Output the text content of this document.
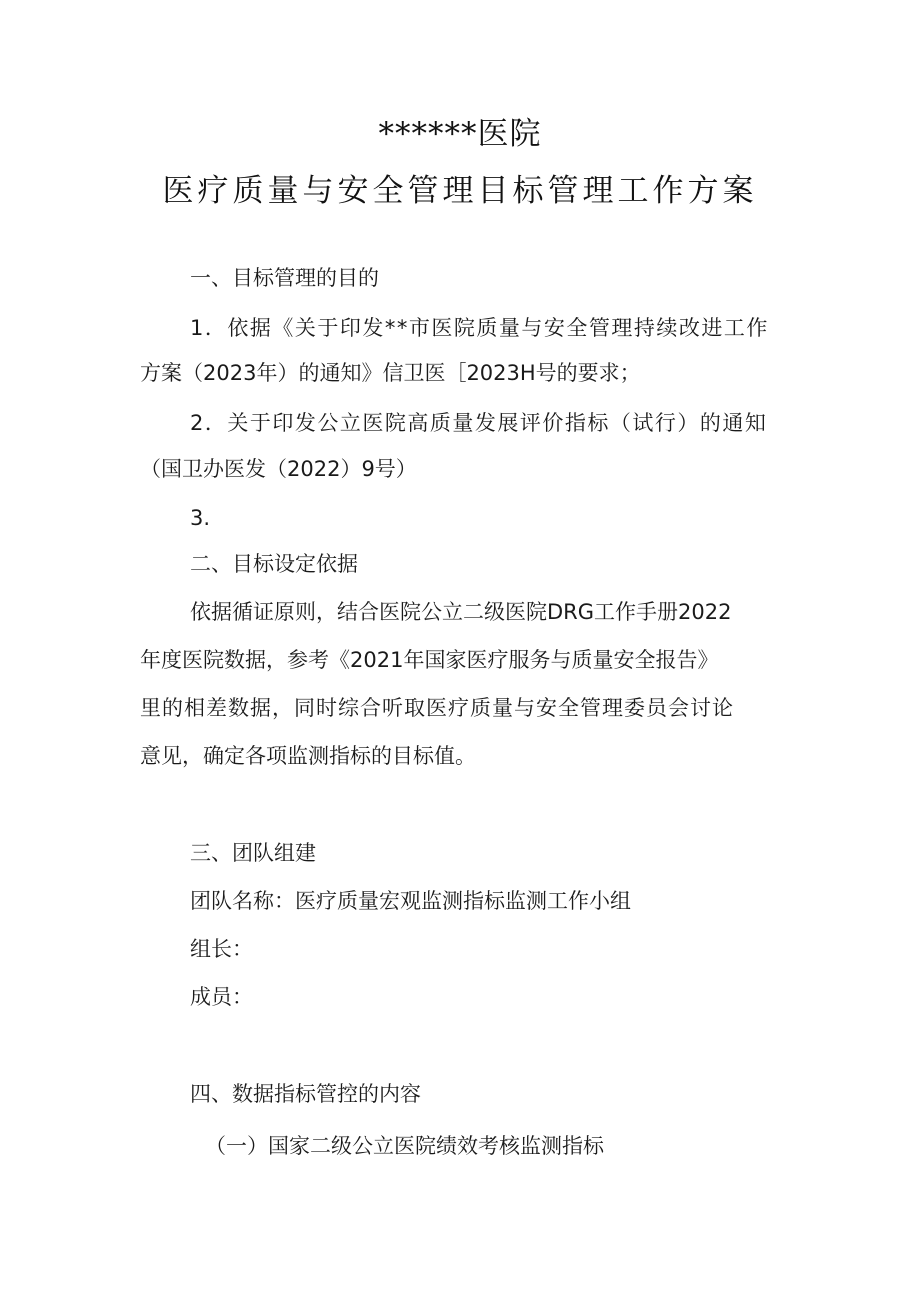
******医院
医疗质量与安全管理目标管理工作方案
一、目标管理的目的
1．依据《关于印发**市医院质量与安全管理持续改进工作
方案（2023年）的通知》信卫医［2023H号的要求；
2．关于印发公立医院高质量发展评价指标（试行）的通知
（国卫办医发（2022）9号）
3.
二、目标设定依据
依据循证原则，结合医院公立二级医院DRG工作手册2022
年度医院数据，参考《2021年国家医疗服务与质量安全报告》
里的相差数据，同时综合听取医疗质量与安全管理委员会讨论
意见，确定各项监测指标的目标值。
三、团队组建
团队名称：医疗质量宏观监测指标监测工作小组
组长：
成员：
四、数据指标管控的内容
（一）国家二级公立医院绩效考核监测指标
